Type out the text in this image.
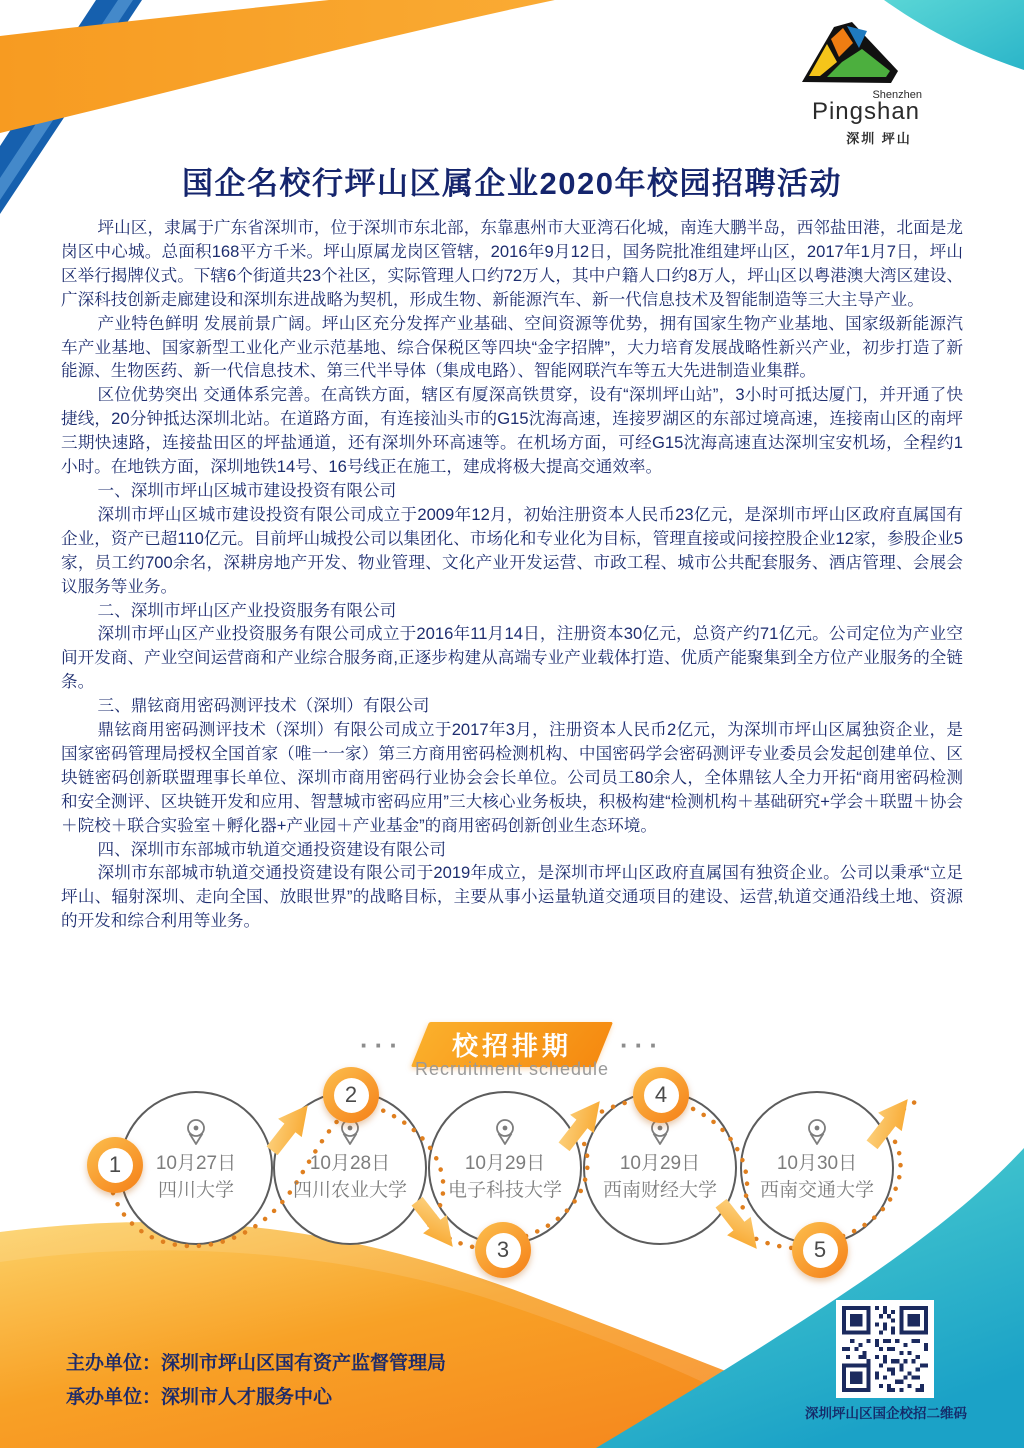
Shenzhen
Pingshan
深圳 坪山
国企名校行坪山区属企业2020年校园招聘活动

坪山区，隶属于广东省深圳市，位于深圳市东北部，东靠惠州市大亚湾石化城，南连大鹏半岛，西邻盐田港，北面是龙岗区中心城。总面积168平方千米。坪山原属龙岗区管辖，2016年9月12日，国务院批准组建坪山区，2017年1月7日，坪山区举行揭牌仪式。下辖6个街道共23个社区，实际管理人口约72万人，其中户籍人口约8万人，坪山区以粤港澳大湾区建设、广深科技创新走廊建设和深圳东进战略为契机，形成生物、新能源汽车、新一代信息技术及智能制造等三大主导产业。

产业特色鲜明 发展前景广阔。坪山区充分发挥产业基础、空间资源等优势，拥有国家生物产业基地、国家级新能源汽车产业基地、国家新型工业化产业示范基地、综合保税区等四块“金字招牌”，大力培育发展战略性新兴产业，初步打造了新能源、生物医药、新一代信息技术、第三代半导体（集成电路）、智能网联汽车等五大先进制造业集群。

区位优势突出 交通体系完善。在高铁方面，辖区有厦深高铁贯穿，设有“深圳坪山站”，3小时可抵达厦门，并开通了快捷线，20分钟抵达深圳北站。在道路方面，有连接汕头市的G15沈海高速，连接罗湖区的东部过境高速，连接南山区的南坪三期快速路，连接盐田区的坪盐通道，还有深圳外环高速等。在机场方面，可经G15沈海高速直达深圳宝安机场，全程约1小时。在地铁方面，深圳地铁14号、16号线正在施工，建成将极大提高交通效率。

一、深圳市坪山区城市建设投资有限公司

深圳市坪山区城市建设投资有限公司成立于2009年12月，初始注册资本人民币23亿元，是深圳市坪山区政府直属国有企业，资产已超110亿元。目前坪山城投公司以集团化、市场化和专业化为目标，管理直接或问接控股企业12家，参股企业5家，员工约700余名，深耕房地产开发、物业管理、文化产业开发运营、市政工程、城市公共配套服务、酒店管理、会展会议服务等业务。

二、深圳市坪山区产业投资服务有限公司

深圳市坪山区产业投资服务有限公司成立于2016年11月14日，注册资本30亿元，总资产约71亿元。公司定位为产业空间开发商、产业空间运营商和产业综合服务商,正逐步构建从高端专业产业载体打造、优质产能聚集到全方位产业服务的全链条。

三、鼎铉商用密码测评技术（深圳）有限公司

鼎铉商用密码测评技术（深圳）有限公司成立于2017年3月，注册资本人民币2亿元，为深圳市坪山区属独资企业，是国家密码管理局授权全国首家（唯一一家）第三方商用密码检测机构、中国密码学会密码测评专业委员会发起创建单位、区块链密码创新联盟理事长单位、深圳市商用密码行业协会会长单位。公司员工80余人，全体鼎铉人全力开拓“商用密码检测和安全测评、区块链开发和应用、智慧城市密码应用”三大核心业务板块，积极构建“检测机构＋基础研究+学会＋联盟＋协会＋院校＋联合实验室＋孵化器+产业园＋产业基金”的商用密码创新创业生态环境。

四、深圳市东部城市轨道交通投资建设有限公司

深圳市东部城市轨道交通投资建设有限公司于2019年成立，是深圳市坪山区政府直属国有独资企业。公司以秉承“立足坪山、辐射深圳、走向全国、放眼世界”的战略目标，主要从事小运量轨道交通项目的建设、运营,轨道交通沿线土地、资源的开发和综合利用等业务。

···	校招排期	···
Recruitment schedule
10月27日
四川大学
10月28日
四川农业大学
10月29日
电子科技大学
10月29日
西南财经大学
10月30日
西南交通大学
1
2
3
4
5
主办单位：深圳市坪山区国有资产监督管理局
承办单位：深圳市人才服务中心
深圳坪山区国企校招二维码
